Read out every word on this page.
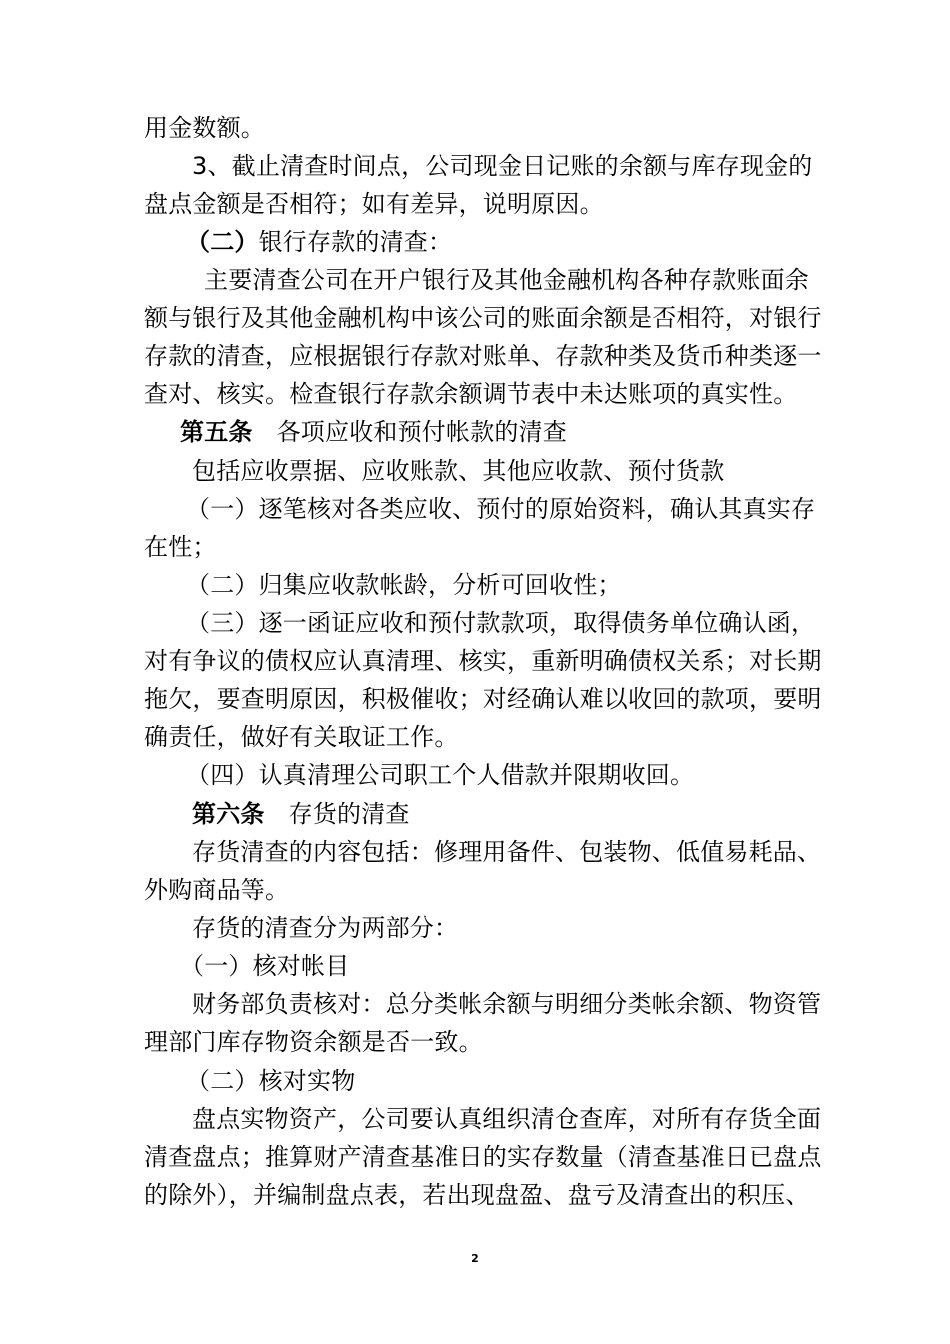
用金数额。
3、截止清查时间点，公司现金日记账的余额与库存现金的
盘点金额是否相符；如有差异，说明原因。
（二）银行存款的清查：
主要清查公司在开户银行及其他金融机构各种存款账面余
额与银行及其他金融机构中该公司的账面余额是否相符，对银行
存款的清查，应根据银行存款对账单、存款种类及货币种类逐一
查对、核实。检查银行存款余额调节表中未达账项的真实性。
第五条 各项应收和预付帐款的清查
包括应收票据、应收账款、其他应收款、预付货款
（一）逐笔核对各类应收、预付的原始资料，确认其真实存
在性；
（二）归集应收款帐龄，分析可回收性；
（三）逐一函证应收和预付款款项，取得债务单位确认函，
对有争议的债权应认真清理、核实，重新明确债权关系；对长期
拖欠，要查明原因，积极催收；对经确认难以收回的款项，要明
确责任，做好有关取证工作。
（四）认真清理公司职工个人借款并限期收回。
第六条 存货的清查
存货清查的内容包括：修理用备件、包装物、低值易耗品、
外购商品等。
存货的清查分为两部分：
（一）核对帐目
财务部负责核对：总分类帐余额与明细分类帐余额、物资管
理部门库存物资余额是否一致。
（二）核对实物
盘点实物资产，公司要认真组织清仓查库，对所有存货全面
清查盘点；推算财产清查基准日的实存数量（清查基准日已盘点
的除外），并编制盘点表，若出现盘盈、盘亏及清查出的积压、
2
